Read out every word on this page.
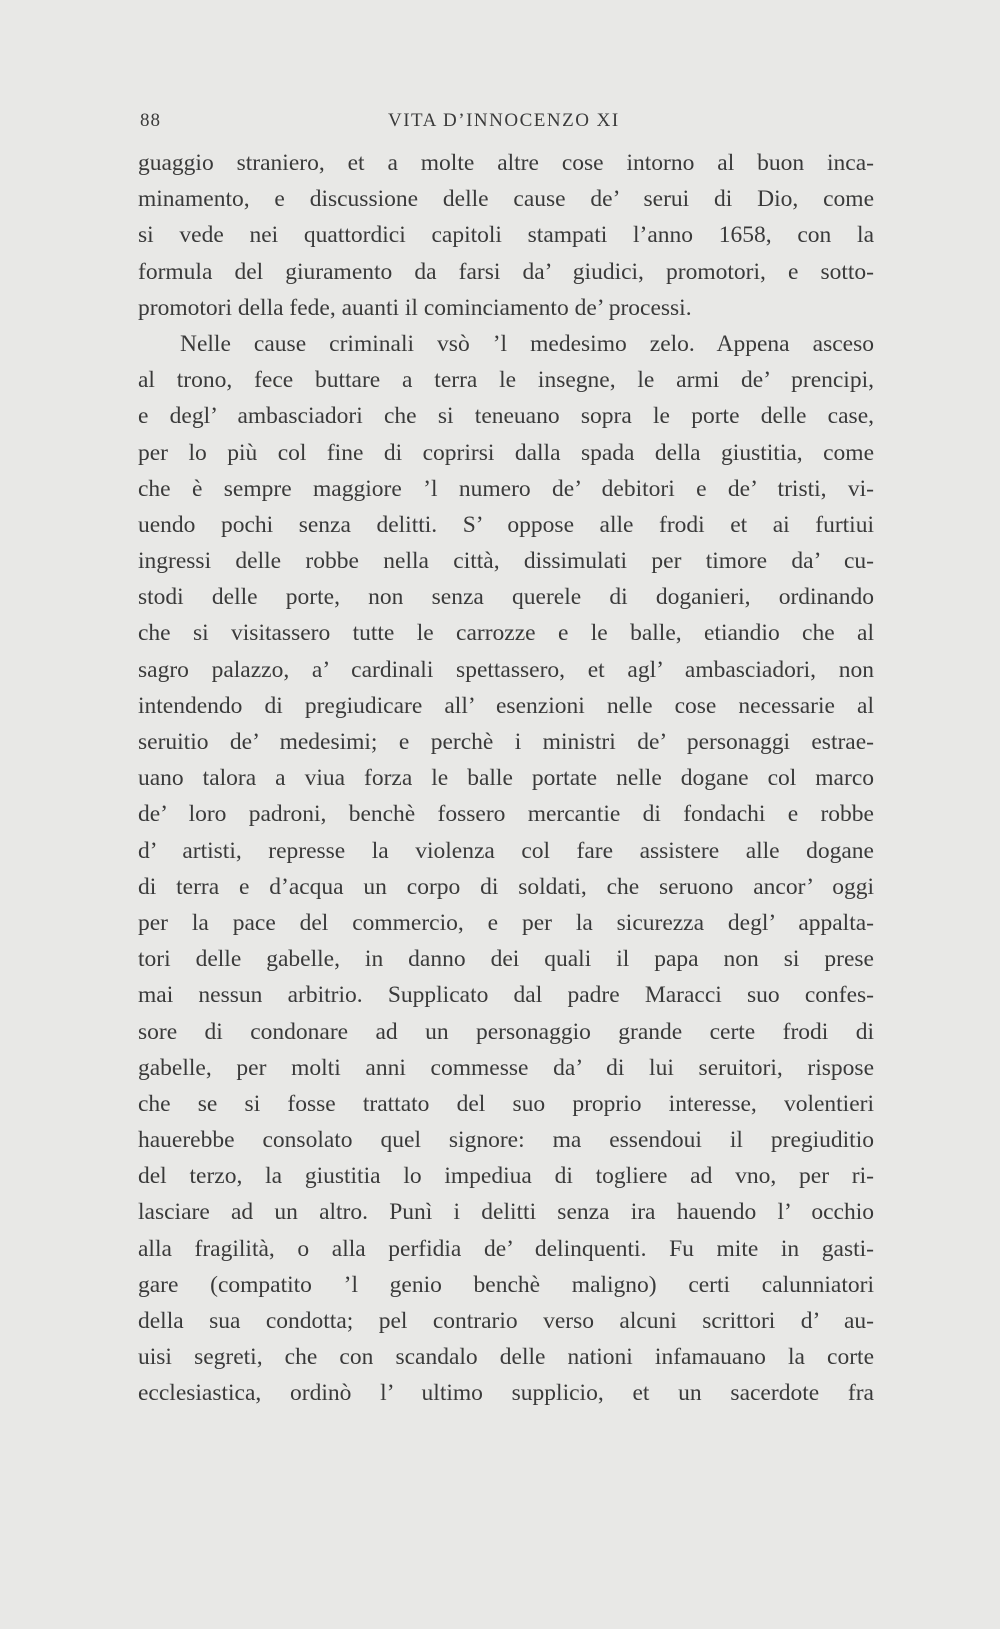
88	VITA D’INNOCENZO XI
guaggio straniero, et a molte altre cose intorno al buon inca-
minamento, e discussione delle cause de’ serui di Dio, come
si vede nei quattordici capitoli stampati l’anno 1658, con la
formula del giuramento da farsi da’ giudici, promotori, e sotto-
promotori della fede, auanti il cominciamento de’ processi.
Nelle cause criminali vsò ’l medesimo zelo. Appena asceso
al trono, fece buttare a terra le insegne, le armi de’ prencipi,
e degl’ ambasciadori che si teneuano sopra le porte delle case,
per lo più col fine di coprirsi dalla spada della giustitia, come
che è sempre maggiore ’l numero de’ debitori e de’ tristi, vi-
uendo pochi senza delitti. S’ oppose alle frodi et ai furtiui
ingressi delle robbe nella città, dissimulati per timore da’ cu-
stodi delle porte, non senza querele di doganieri, ordinando
che si visitassero tutte le carrozze e le balle, etiandio che al
sagro palazzo, a’ cardinali spettassero, et agl’ ambasciadori, non
intendendo di pregiudicare all’ esenzioni nelle cose necessarie al
seruitio de’ medesimi; e perchè i ministri de’ personaggi estrae-
uano talora a viua forza le balle portate nelle dogane col marco
de’ loro padroni, benchè fossero mercantie di fondachi e robbe
d’ artisti, represse la violenza col fare assistere alle dogane
di terra e d’acqua un corpo di soldati, che seruono ancor’ oggi
per la pace del commercio, e per la sicurezza degl’ appalta-
tori delle gabelle, in danno dei quali il papa non si prese
mai nessun arbitrio. Supplicato dal padre Maracci suo confes-
sore di condonare ad un personaggio grande certe frodi di
gabelle, per molti anni commesse da’ di lui seruitori, rispose
che se si fosse trattato del suo proprio interesse, volentieri
hauerebbe consolato quel signore: ma essendoui il pregiuditio
del terzo, la giustitia lo impediua di togliere ad vno, per ri-
lasciare ad un altro. Punì i delitti senza ira hauendo l’ occhio
alla fragilità, o alla perfidia de’ delinquenti. Fu mite in gasti-
gare (compatito ’l genio benchè maligno) certi calunniatori
della sua condotta; pel contrario verso alcuni scrittori d’ au-
uisi segreti, che con scandalo delle nationi infamauano la corte
ecclesiastica, ordinò l’ ultimo supplicio, et un sacerdote fra
